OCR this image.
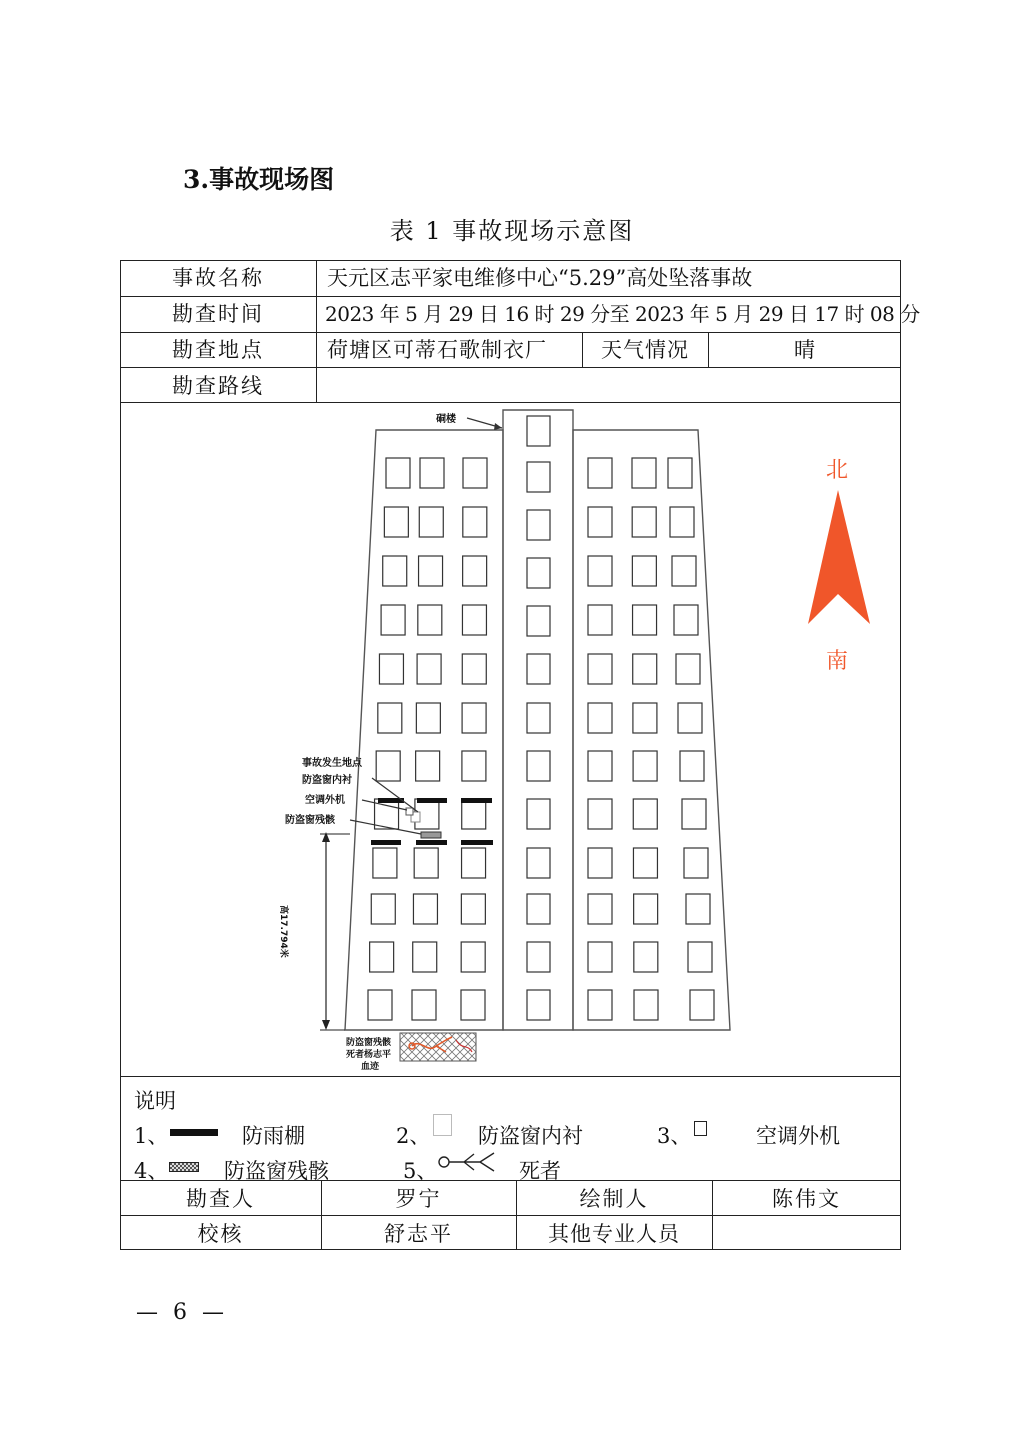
3.事故现场图
表 1 事故现场示意图
事故名称	天元区志平家电维修中心“5.29”高处坠落事故
勘查时间	2023 年 5 月 29 日 16 时 29 分至 2023 年 5 月 29 日 17 时 08 分
勘查地点	荷塘区可蒂石歌制衣厂	天气情况	晴
勘查路线
硐楼
事故发生地点
防盗窗内衬
空调外机
防盗窗残骸
高17.794米
防盗窗残骸
死者杨志平
血迹
北
南
说明
1、	防雨棚	2、 防盗窗内衬	3、	空调外机
4、	防盗窗残骸	5、	死者
勘查人	罗宁	绘制人	陈伟文
校核	舒志平	其他专业人员
— 6 —
